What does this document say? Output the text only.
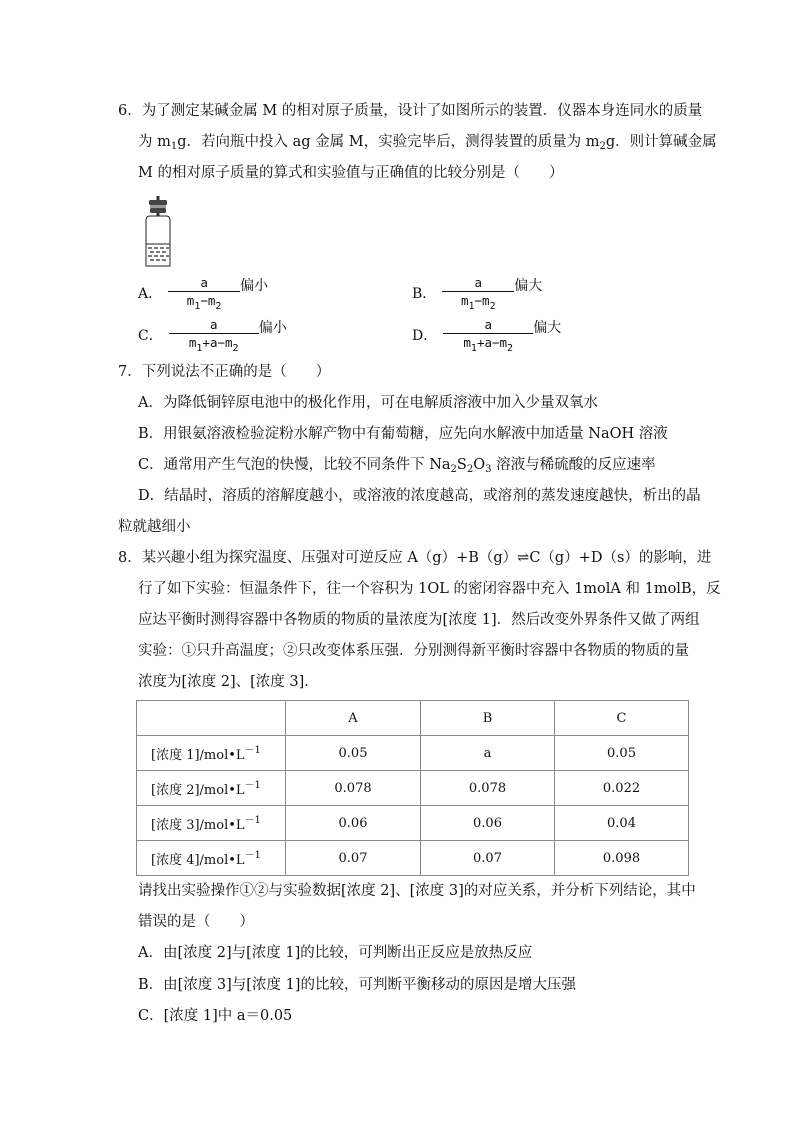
6．为了测定某碱金属 M 的相对原子质量，设计了如图所示的装置．仪器本身连同水的质量
为 $m_1g$．若向瓶中投入 ag 金属 M，实验完毕后，测得装置的质量为 $m_2g$．则计算碱金属
M 的相对原子质量的算式和实验值与正确值的比较分别是（　　）
A． $\frac{a}{m_1-m_2}$ 偏小	B． $\frac{a}{m_1-m_2}$ 偏大
C． $\frac{a}{m_1+a-m_2}$ 偏小	D． $\frac{a}{m_1+a-m_2}$ 偏大
7．下列说法不正确的是（　　）
A．为降低铜锌原电池中的极化作用，可在电解质溶液中加入少量双氧水
B．用银氨溶液检验淀粉水解产物中有葡萄糖，应先向水解液中加适量 NaOH 溶液
C．通常用产生气泡的快慢，比较不同条件下 $Na_2S_2O_3$ 溶液与稀硫酸的反应速率
D．结晶时，溶质的溶解度越小，或溶液的浓度越高，或溶剂的蒸发速度越快，析出的晶
粒就越细小
8．某兴趣小组为探究温度、压强对可逆反应 A（g）+B（g）⇌C（g）+D（s）的影响，进
行了如下实验：恒温条件下，往一个容积为 1OL 的密闭容器中充入 1molA 和 1molB，反
应达平衡时测得容器中各物质的物质的量浓度为[浓度 1]．然后改变外界条件又做了两组
实验：①只升高温度；②只改变体系压强．分别测得新平衡时容器中各物质的物质的量
浓度为[浓度 2]、[浓度 3]．
	A	B	C
[浓度 $1]/mol•L^{-1}$	0.05	a	0.05
[浓度 $2]/mol•L^{-1}$	0.078	0.078	0.022
[浓度 $3]/mol•L^{-1}$	0.06	0.06	0.04
[浓度 $4]/mol•L^{-1}$	0.07	0.07	0.098
请找出实验操作①②与实验数据[浓度 2]、[浓度 3]的对应关系，并分析下列结论，其中
错误的是（　　）
A．由[浓度 2]与[浓度 1]的比较，可判断出正反应是放热反应
B．由[浓度 3]与[浓度 1]的比较，可判断平衡移动的原因是增大压强
C．[浓度 1]中 a＝0.05
